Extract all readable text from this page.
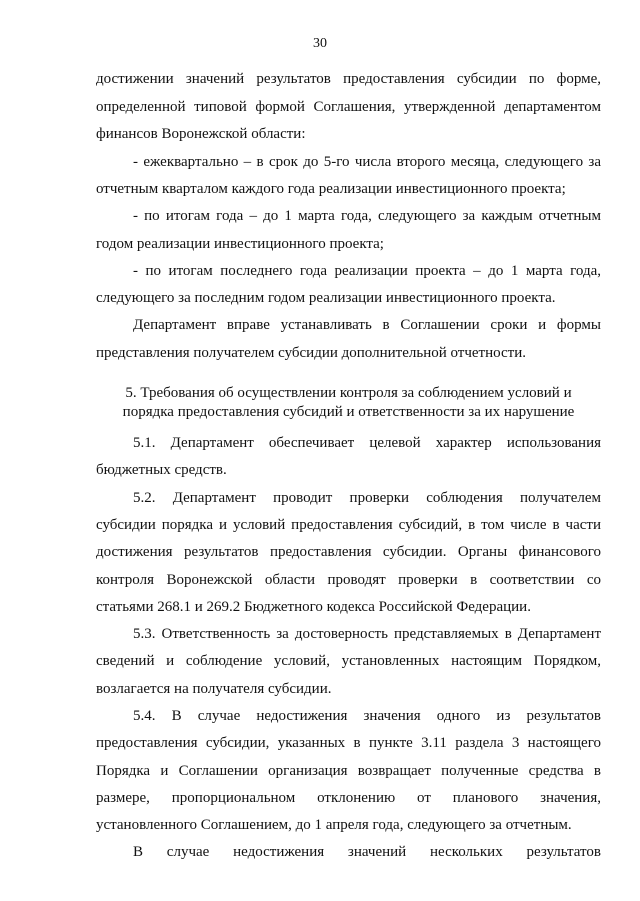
30
достижении значений результатов предоставления субсидии по форме,
определенной типовой формой Соглашения, утвержденной департаментом
финансов Воронежской области:
- ежеквартально – в срок до 5-го числа второго месяца, следующего за
отчетным кварталом каждого года реализации инвестиционного проекта;
- по итогам года – до 1 марта года, следующего за каждым отчетным
годом реализации инвестиционного проекта;
- по итогам последнего года реализации проекта – до 1 марта года,
следующего за последним годом реализации инвестиционного проекта.
Департамент вправе устанавливать в Соглашении сроки и формы
представления получателем субсидии дополнительной отчетности.
5. Требования об осуществлении контроля за соблюдением условий и
порядка предоставления субсидий и ответственности за их нарушение
5.1. Департамент обеспечивает целевой характер использования
бюджетных средств.
5.2. Департамент проводит проверки соблюдения получателем
субсидии порядка и условий предоставления субсидий, в том числе в части
достижения результатов предоставления субсидии. Органы финансового
контроля Воронежской области проводят проверки в соответствии со
статьями 268.1 и 269.2 Бюджетного кодекса Российской Федерации.
5.3. Ответственность за достоверность представляемых в Департамент
сведений и соблюдение условий, установленных настоящим Порядком,
возлагается на получателя субсидии.
5.4. В случае недостижения значения одного из результатов
предоставления субсидии, указанных в пункте 3.11 раздела 3 настоящего
Порядка и Соглашении организация возвращает полученные средства в
размере, пропорциональном отклонению от планового значения,
установленного Соглашением, до 1 апреля года, следующего за отчетным.
В случае недостижения значений нескольких результатов
